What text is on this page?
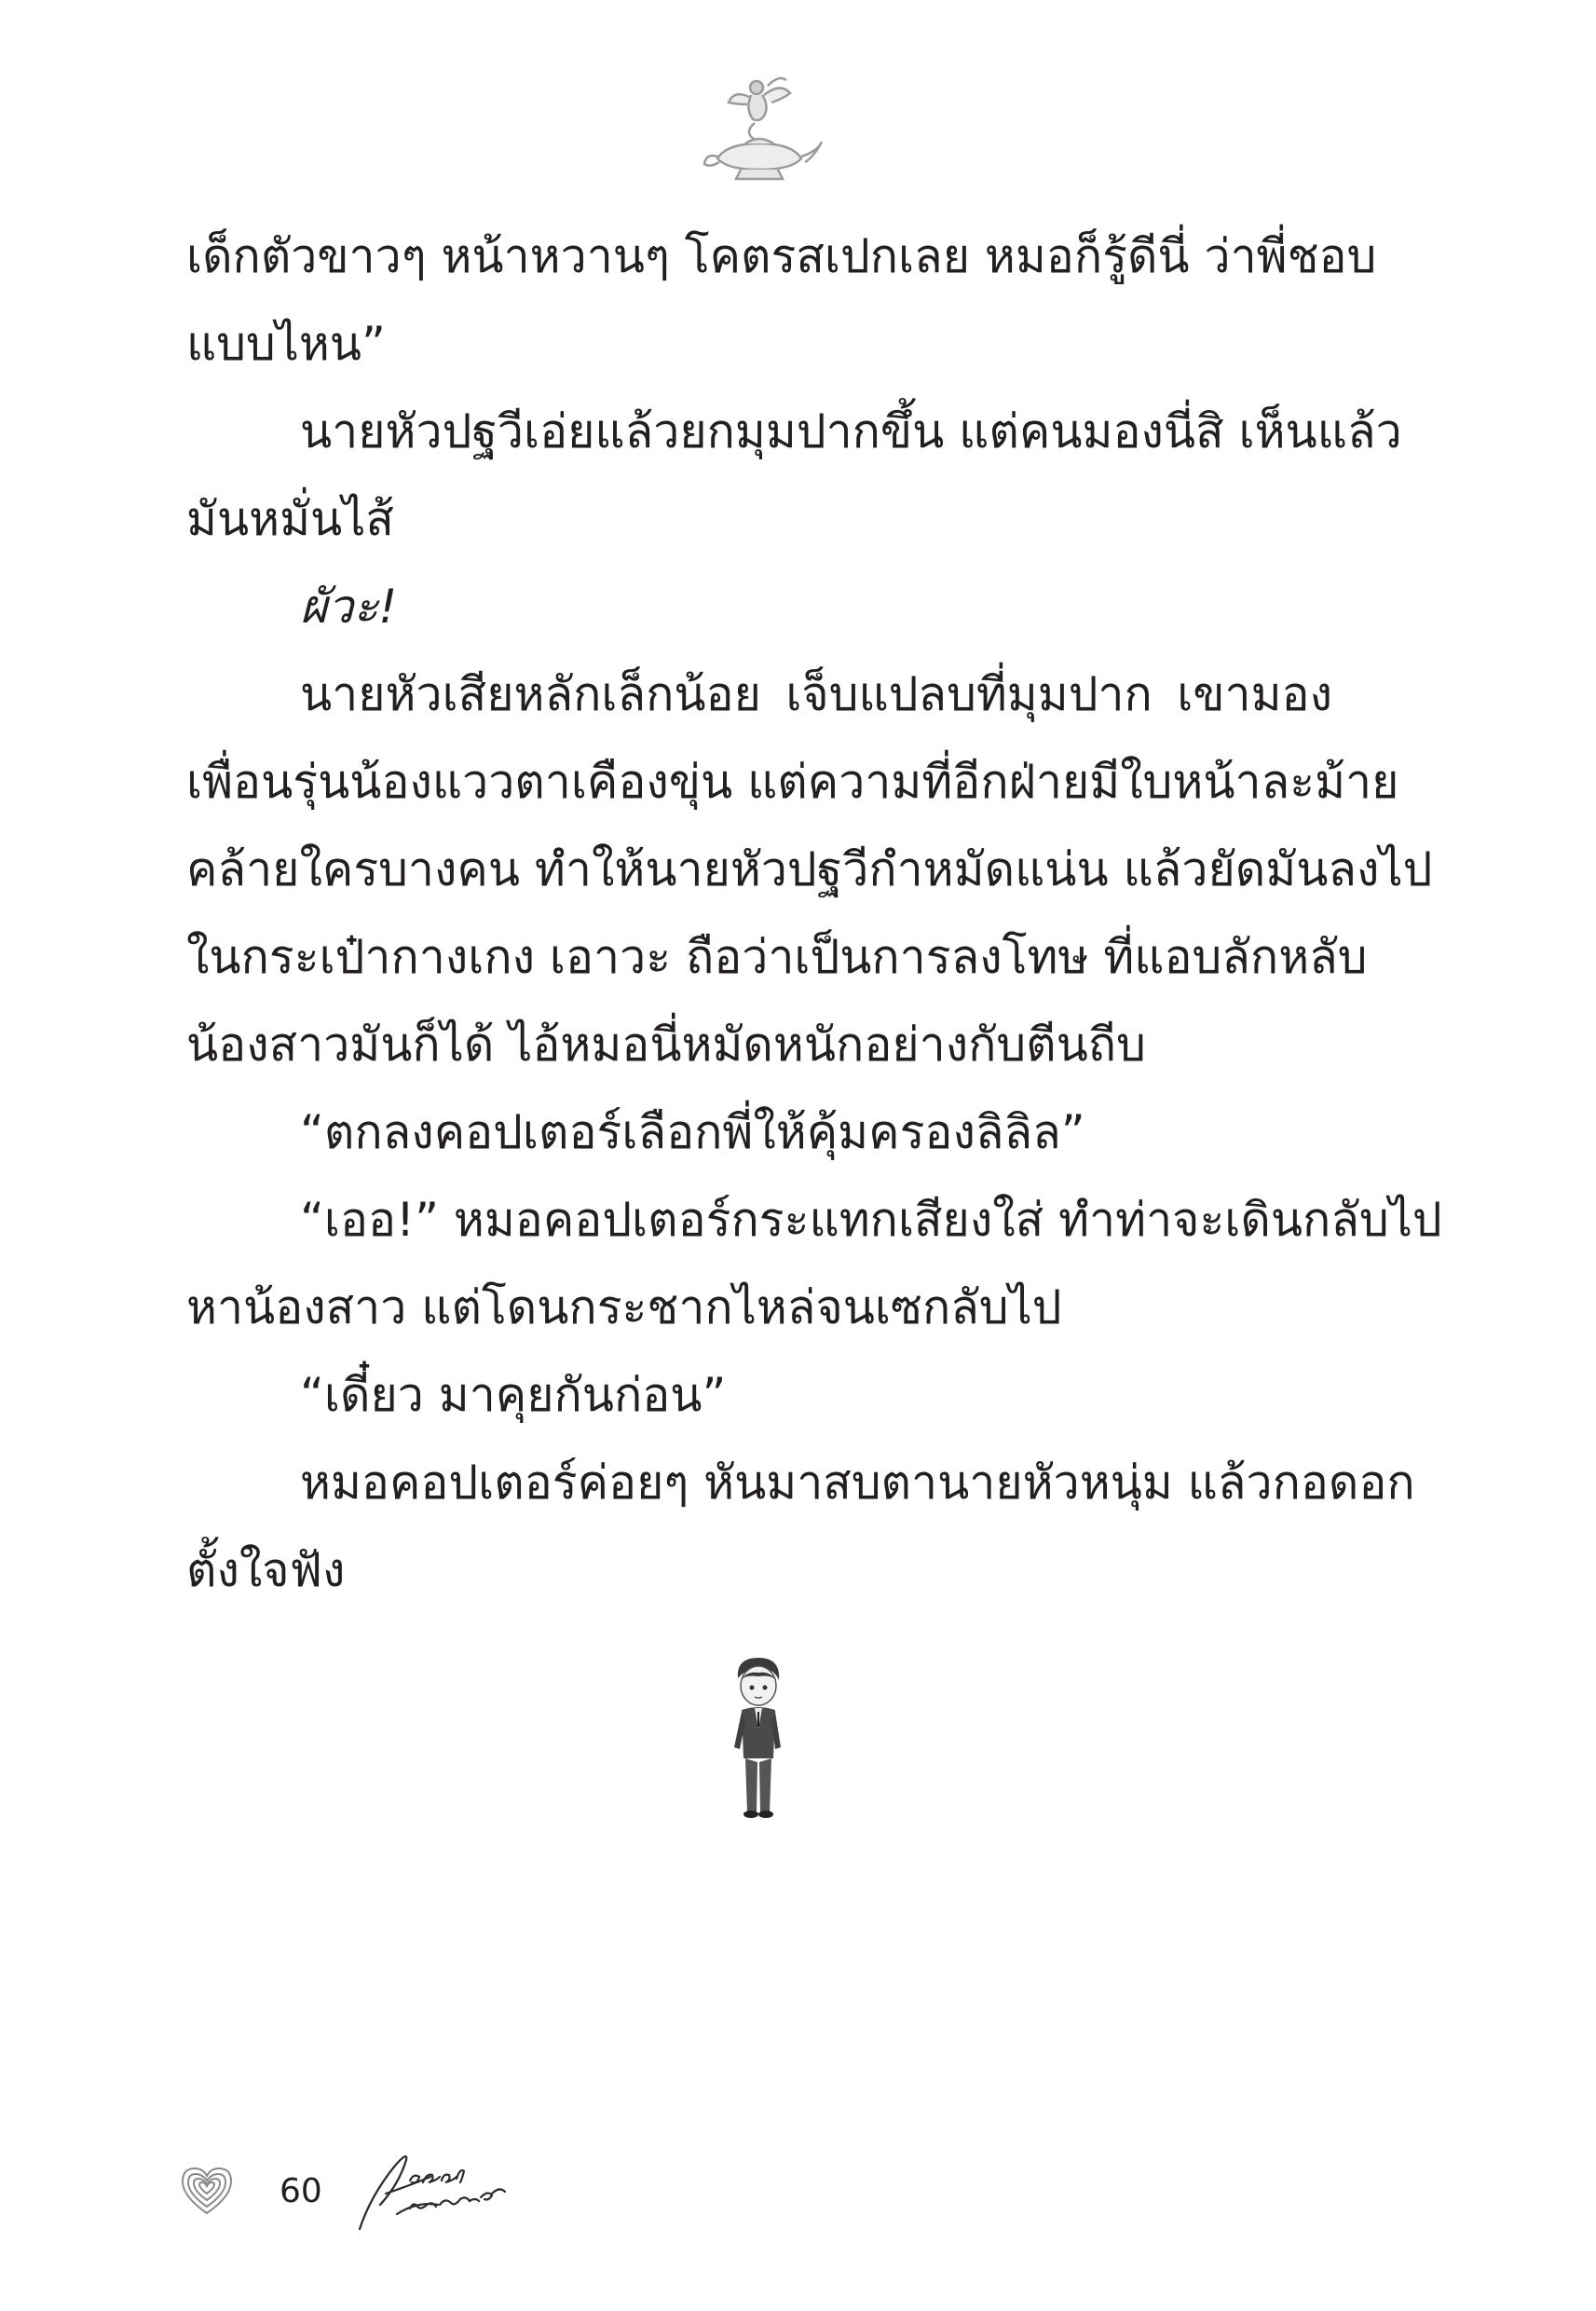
เด็กตัวขาวๆ หน้าหวานๆ โคตรสเปกเลย หมอก็รู้ดีนี่ ว่าพี่ชอบ
แบบไหน”
นายหัวปฐวีเอ่ยแล้วยกมุมปากขึ้น แต่คนมองนี่สิ เห็นแล้ว
มันหมั่นไส้
ผัวะ!
นายหัวเสียหลักเล็กน้อย เจ็บแปลบที่มุมปาก เขามอง
เพื่อนรุ่นน้องแววตาเคืองขุ่น แต่ความที่อีกฝ่ายมีใบหน้าละม้าย
คล้ายใครบางคน ทำให้นายหัวปฐวีกำหมัดแน่น แล้วยัดมันลงไป
ในกระเป๋ากางเกง เอาวะ ถือว่าเป็นการลงโทษ ที่แอบลักหลับ
น้องสาวมันก็ได้ ไอ้หมอนี่หมัดหนักอย่างกับตีนถีบ
“ตกลงคอปเตอร์เลือกพี่ให้คุ้มครองลิลิล”
“เออ!” หมอคอปเตอร์กระแทกเสียงใส่ ทำท่าจะเดินกลับไป
หาน้องสาว แต่โดนกระชากไหล่จนเซกลับไป
“เดี๋ยว มาคุยกันก่อน”
หมอคอปเตอร์ค่อยๆ หันมาสบตานายหัวหนุ่ม แล้วกอดอก
ตั้งใจฟัง
60
